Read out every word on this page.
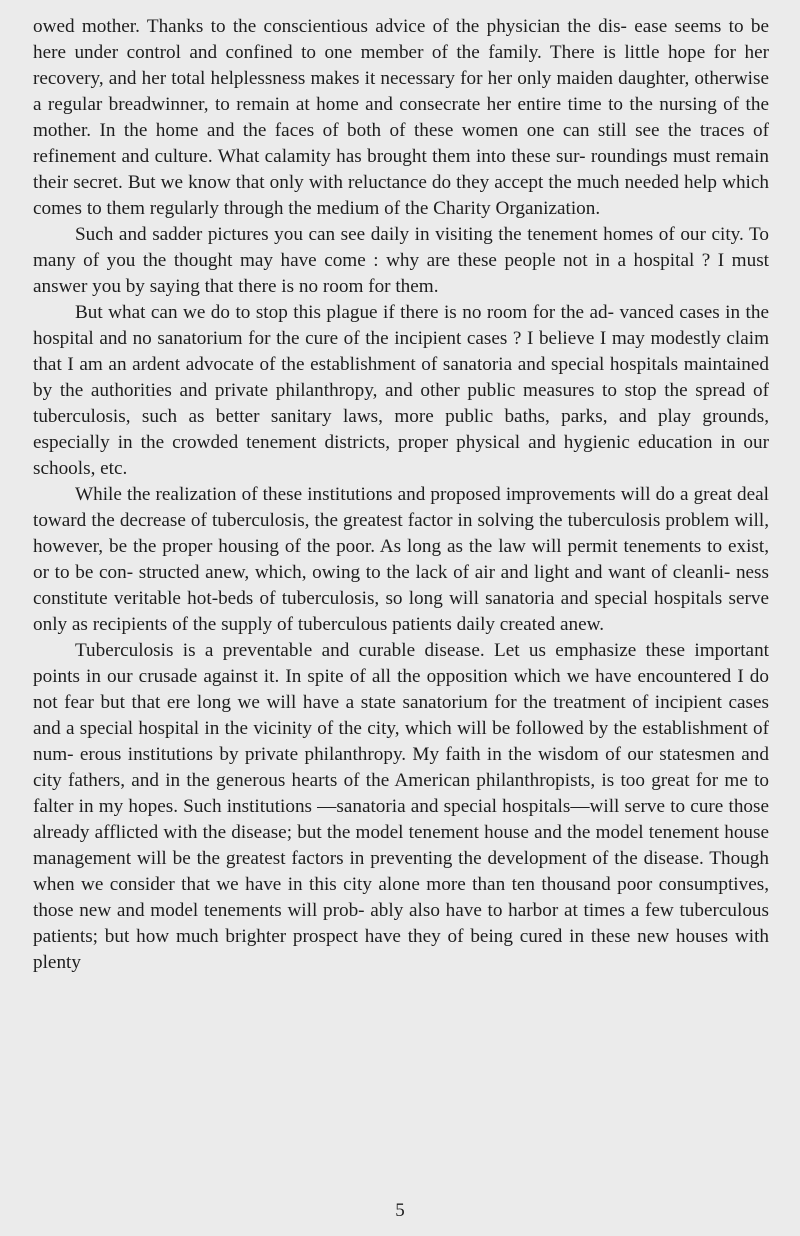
owed mother. Thanks to the conscientious advice of the physician the dis- ease seems to be here under control and confined to one member of the family. There is little hope for her recovery, and her total helplessness makes it necessary for her only maiden daughter, otherwise a regular breadwinner, to remain at home and consecrate her entire time to the nursing of the mother. In the home and the faces of both of these women one can still see the traces of refinement and culture. What calamity has brought them into these sur- roundings must remain their secret. But we know that only with reluctance do they accept the much needed help which comes to them regularly through the medium of the Charity Organization.

Such and sadder pictures you can see daily in visiting the tenement homes of our city. To many of you the thought may have come : why are these people not in a hospital ? I must answer you by saying that there is no room for them.

But what can we do to stop this plague if there is no room for the ad- vanced cases in the hospital and no sanatorium for the cure of the incipient cases ? I believe I may modestly claim that I am an ardent advocate of the establishment of sanatoria and special hospitals maintained by the authorities and private philanthropy, and other public measures to stop the spread of tuberculosis, such as better sanitary laws, more public baths, parks, and play grounds, especially in the crowded tenement districts, proper physical and hygienic education in our schools, etc.

While the realization of these institutions and proposed improvements will do a great deal toward the decrease of tuberculosis, the greatest factor in solving the tuberculosis problem will, however, be the proper housing of the poor. As long as the law will permit tenements to exist, or to be con- structed anew, which, owing to the lack of air and light and want of cleanli- ness constitute veritable hot-beds of tuberculosis, so long will sanatoria and special hospitals serve only as recipients of the supply of tuberculous patients daily created anew.

Tuberculosis is a preventable and curable disease. Let us emphasize these important points in our crusade against it. In spite of all the opposition which we have encountered I do not fear but that ere long we will have a state sanatorium for the treatment of incipient cases and a special hospital in the vicinity of the city, which will be followed by the establishment of num- erous institutions by private philanthropy. My faith in the wisdom of our statesmen and city fathers, and in the generous hearts of the American philanthropists, is too great for me to falter in my hopes. Such institutions —sanatoria and special hospitals—will serve to cure those already afflicted with the disease; but the model tenement house and the model tenement house management will be the greatest factors in preventing the development of the disease. Though when we consider that we have in this city alone more than ten thousand poor consumptives, those new and model tenements will prob- ably also have to harbor at times a few tuberculous patients; but how much brighter prospect have they of being cured in these new houses with plenty

5
